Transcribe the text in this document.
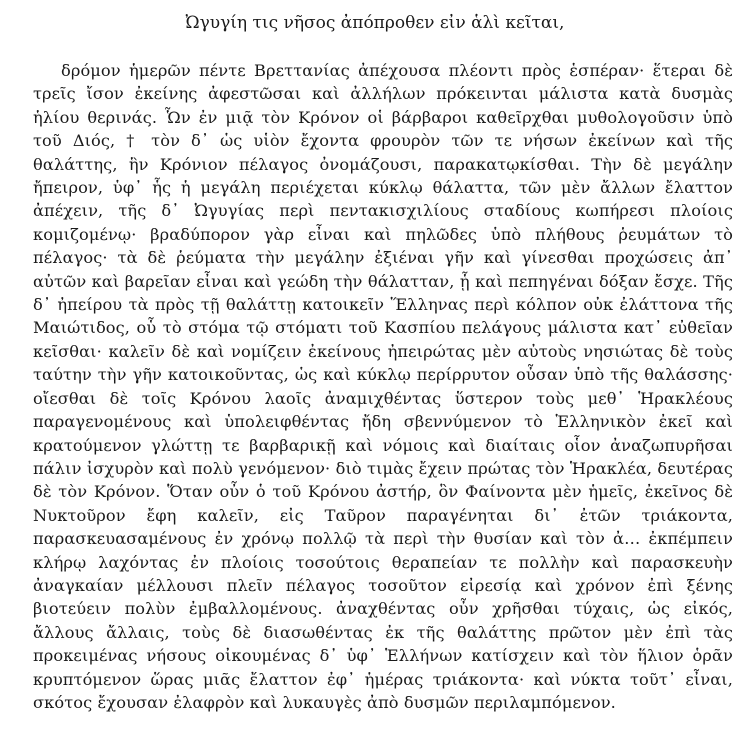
Ὠγυγίη τις νῆσος ἀπόπροθεν εἰν ἁλὶ κεῖται,

δρόμον ἡμερῶν πέντε Βρεττανίας ἀπέχουσα πλέοντι πρὸς ἑσπέραν· ἕτεραι δὲ τρεῖς ἴσον ἐκείνης ἀφεστῶσαι καὶ ἀλλήλων πρόκεινται μάλιστα κατὰ δυσμὰς ἡλίου θερινάς. Ὧν ἐν μιᾷ τὸν Κρόνον οἱ βάρβαροι καθεῖρχθαι μυθολογοῦσιν ὑπὸ τοῦ Διός, † τὸν δ᾽ ὡς υἱὸν ἔχοντα φρουρὸν τῶν τε νήσων ἐκείνων καὶ τῆς θαλάττης, ἣν Κρόνιον πέλαγος ὀνομάζουσι, παρακατῳκίσθαι. Τὴν δὲ μεγάλην ἤπειρον, ὑφ᾽ ἧς ἡ μεγάλη περιέχεται κύκλῳ θάλαττα, τῶν μὲν ἄλλων ἔλαττον ἀπέχειν, τῆς δ᾽ Ὠγυγίας περὶ πεντακισχιλίους σταδίους κωπήρεσι πλοίοις κομιζομένῳ· βραδύπορον γὰρ εἶναι καὶ πηλῶδες ὑπὸ πλήθους ῥευμάτων τὸ πέλαγος· τὰ δὲ ῥεύματα τὴν μεγάλην ἐξιέναι γῆν καὶ γίνεσθαι προχώσεις ἀπ᾽ αὐτῶν καὶ βαρεῖαν εἶναι καὶ γεώδη τὴν θάλατταν, ᾗ καὶ πεπηγέναι δόξαν ἔσχε. Τῆς δ᾽ ἠπείρου τὰ πρὸς τῇ θαλάττῃ κατοικεῖν Ἕλληνας περὶ κόλπον οὐκ ἐλάττονα τῆς Μαιώτιδος, οὗ τὸ στόμα τῷ στόματι τοῦ Κασπίου πελάγους μάλιστα κατ᾽ εὐθεῖαν κεῖσθαι· καλεῖν δὲ καὶ νομίζειν ἐκείνους ἠπειρώτας μὲν αὐτοὺς νησιώτας δὲ τοὺς ταύτην τὴν γῆν κατοικοῦντας, ὡς καὶ κύκλῳ περίρρυτον οὖσαν ὑπὸ τῆς θαλάσσης· οἴεσθαι δὲ τοῖς Κρόνου λαοῖς ἀναμιχθέντας ὕστερον τοὺς μεθ᾽ Ἡρακλέους παραγενομένους καὶ ὑπολειφθέντας ἤδη σβεννύμενον τὸ Ἑλληνικὸν ἐκεῖ καὶ κρατούμενον γλώττῃ τε βαρβαρικῇ καὶ νόμοις καὶ διαίταις οἷον ἀναζωπυρῆσαι πάλιν ἰσχυρὸν καὶ πολὺ γενόμενον· διὸ τιμὰς ἔχειν πρώτας τὸν Ἡρακλέα, δευτέρας δὲ τὸν Κρόνον. Ὅταν οὖν ὁ τοῦ Κρόνου ἀστήρ, ὃν Φαίνοντα μὲν ἡμεῖς, ἐκεῖνος δὲ Νυκτοῦρον ἔφη καλεῖν, εἰς Ταῦρον παραγένηται δι᾽ ἐτῶν τριάκοντα, παρασκευασαμένους ἐν χρόνῳ πολλῷ τὰ περὶ τὴν θυσίαν καὶ τὸν ἀ… ἐκπέμπειν κλήρῳ λαχόντας ἐν πλοίοις τοσούτοις θεραπείαν τε πολλὴν καὶ παρασκευὴν ἀναγκαίαν μέλλουσι πλεῖν πέλαγος τοσοῦτον εἰρεσίᾳ καὶ χρόνον ἐπὶ ξένης βιοτεύειν πολὺν ἐμβαλλομένους. ἀναχθέντας οὖν χρῆσθαι τύχαις, ὡς εἰκός, ἄλλους ἄλλαις, τοὺς δὲ διασωθέντας ἐκ τῆς θαλάττης πρῶτον μὲν ἐπὶ τὰς προκειμένας νήσους οἰκουμένας δ᾽ ὑφ᾽ Ἑλλήνων κατίσχειν καὶ τὸν ἥλιον ὁρᾶν κρυπτόμενον ὥρας μιᾶς ἔλαττον ἐφ᾽ ἡμέρας τριάκοντα· καὶ νύκτα τοῦτ᾽ εἶναι, σκότος ἔχουσαν ἐλαφρὸν καὶ λυκαυγὲς ἀπὸ δυσμῶν περιλαμπόμενον.
